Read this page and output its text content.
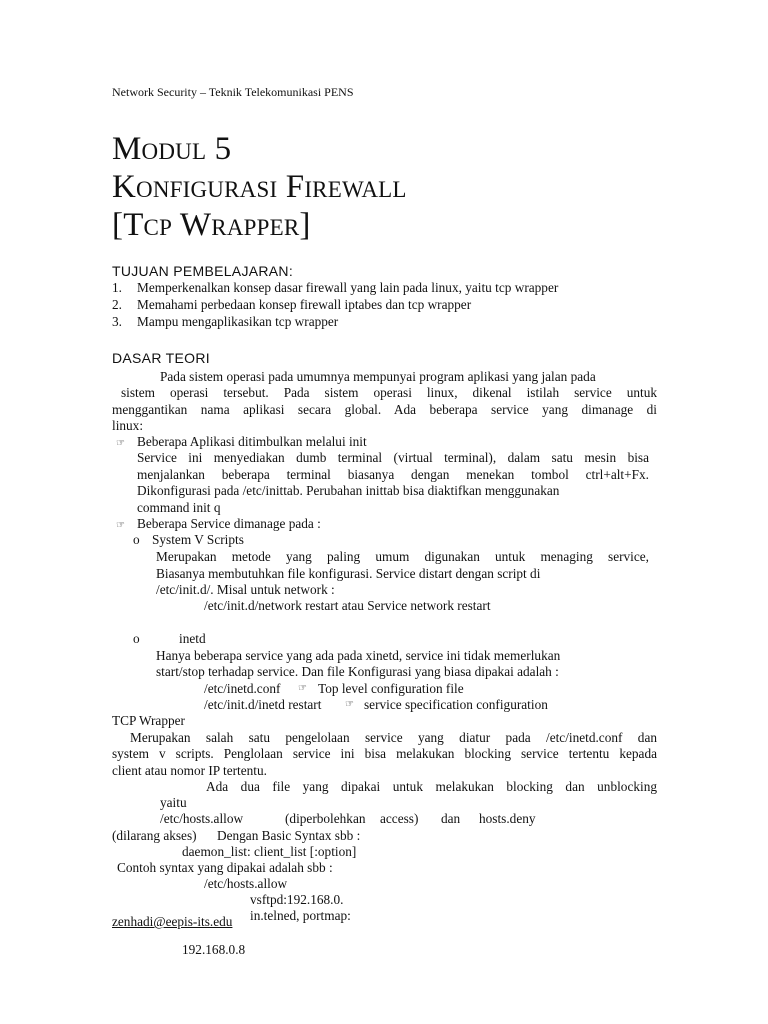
Network Security – Teknik Telekomunikasi PENS
Modul 5
Konfigurasi Firewall
[Tcp Wrapper]
TUJUAN PEMBELAJARAN:
1. Memperkenalkan konsep dasar firewall yang lain pada linux, yaitu tcp wrapper
2. Memahami perbedaan konsep firewall iptabes dan tcp wrapper
3. Mampu mengaplikasikan tcp wrapper
DASAR TEORI
Pada sistem operasi pada umumnya mempunyai program aplikasi yang jalan pada
sistem operasi tersebut. Pada sistem operasi linux, dikenal istilah service untuk
menggantikan nama aplikasi secara global. Ada beberapa service yang dimanage di
linux:
☞ Beberapa Aplikasi ditimbulkan melalui init
Service ini menyediakan dumb terminal (virtual terminal), dalam satu mesin bisa
menjalankan beberapa terminal biasanya dengan menekan tombol ctrl+alt+Fx.
Dikonfigurasi pada /etc/inittab. Perubahan inittab bisa diaktifkan menggunakan
command init q
☞ Beberapa Service dimanage pada :
o System V Scripts
Merupakan metode yang paling umum digunakan untuk menaging service,
Biasanya membutuhkan file konfigurasi. Service distart dengan script di
/etc/init.d/. Misal untuk network :
/etc/init.d/network restart atau Service network restart
o	inetd
Hanya beberapa service yang ada pada xinetd, service ini tidak memerlukan
start/stop terhadap service. Dan file Konfigurasi yang biasa dipakai adalah :
/etc/inetd.conf ☞ Top level configuration file
/etc/init.d/inetd restart ☞ service specification configuration
TCP Wrapper
Merupakan salah satu pengelolaan service yang diatur pada /etc/inetd.conf dan
system v scripts. Penglolaan service ini bisa melakukan blocking service tertentu kepada
client atau nomor IP tertentu.
Ada dua file yang dipakai untuk melakukan blocking dan unblocking
yaitu
/etc/hosts.allow	(diperbolehkan access) dan hosts.deny
(dilarang akses) Dengan Basic Syntax sbb :
daemon_list: client_list [:option]
Contoh syntax yang dipakai adalah sbb :
/etc/hosts.allow
vsftpd:192.168.0.
in.telned, portmap:
zenhadi@eepis-its.edu
192.168.0.8
